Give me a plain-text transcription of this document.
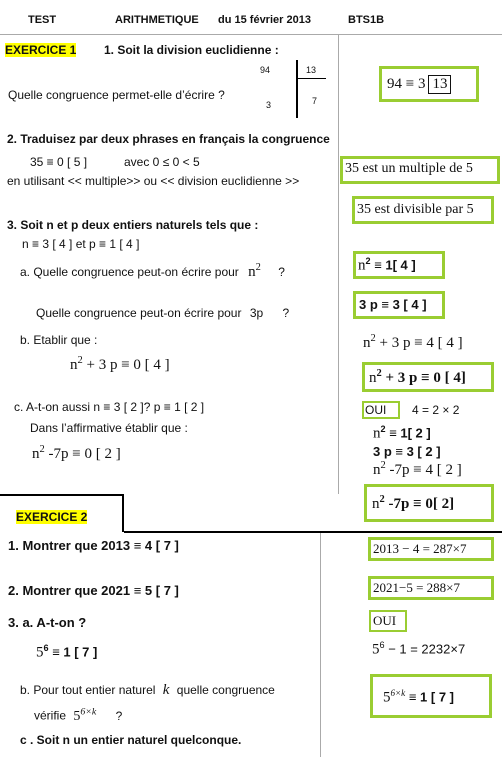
TEST	ARITHMETIQUE du 15 février 2013	BTS1B
EXERCICE 1 1. Soit la division euclidienne :
94	13
3	7
Quelle congruence permet-elle d’écrire ?
94 ≡ 3 13
2. Traduisez par deux phrases en français la congruence
35 ≡ 0 [ 5 ]	avec 0 ≤ 0 < 5
en utilisant << multiple>> ou << division euclidienne >>
35 est un multiple de 5
35 est divisible par 5
3. Soit n et p deux entiers naturels tels que :
n ≡ 3 [ 4 ] et p ≡ 1 [ 4 ]
a. Quelle congruence peut-on écrire pour $n^2$ ?	$n^2 \equiv 1$[ 4 ]
Quelle congruence peut-on écrire pour 3p ?
3 p ≡ 3 [ 4 ]
b. Etablir que :
$n^2 + 3$ p ≡ 0 [ 4 ]
$n^2 + 3$ p ≡ 4 [ 4 ]
$n^2 + 3$ p ≡ 0 [ 4]
c. A-t-on aussi n ≡ 3 [ 2 ]? p ≡ 1 [ 2 ]
Dans l’affirmative établir que :
$n^2$ -7p ≡ 0 [ 2 ]
OUI 4 = 2 × 2
$n^2 \equiv 1$[ 2 ]
3 p ≡ 3 [ 2 ]
$n^2$ -7p ≡ 4 [ 2 ]
$n^2$ -7p ≡ 0[ 2]
EXERCICE 2
1. Montrer que 2013 ≡ 4 [ 7 ]	2013 − 4 = 287×7
2. Montrer que 2021 ≡ 5 [ 7 ]	2021−5 = 288×7
3. a. A-t-on ?	OUI
$5^6 \equiv 1$ [ 7 ]	$5^6 - 1 = 2232\times 7$
b. Pour tout entier naturel k quelle congruence
vérifie $5^{6\times k}$ ?
$5^{6\times k} \equiv 1$ [ 7 ]
c . Soit n un entier naturel quelconque.
